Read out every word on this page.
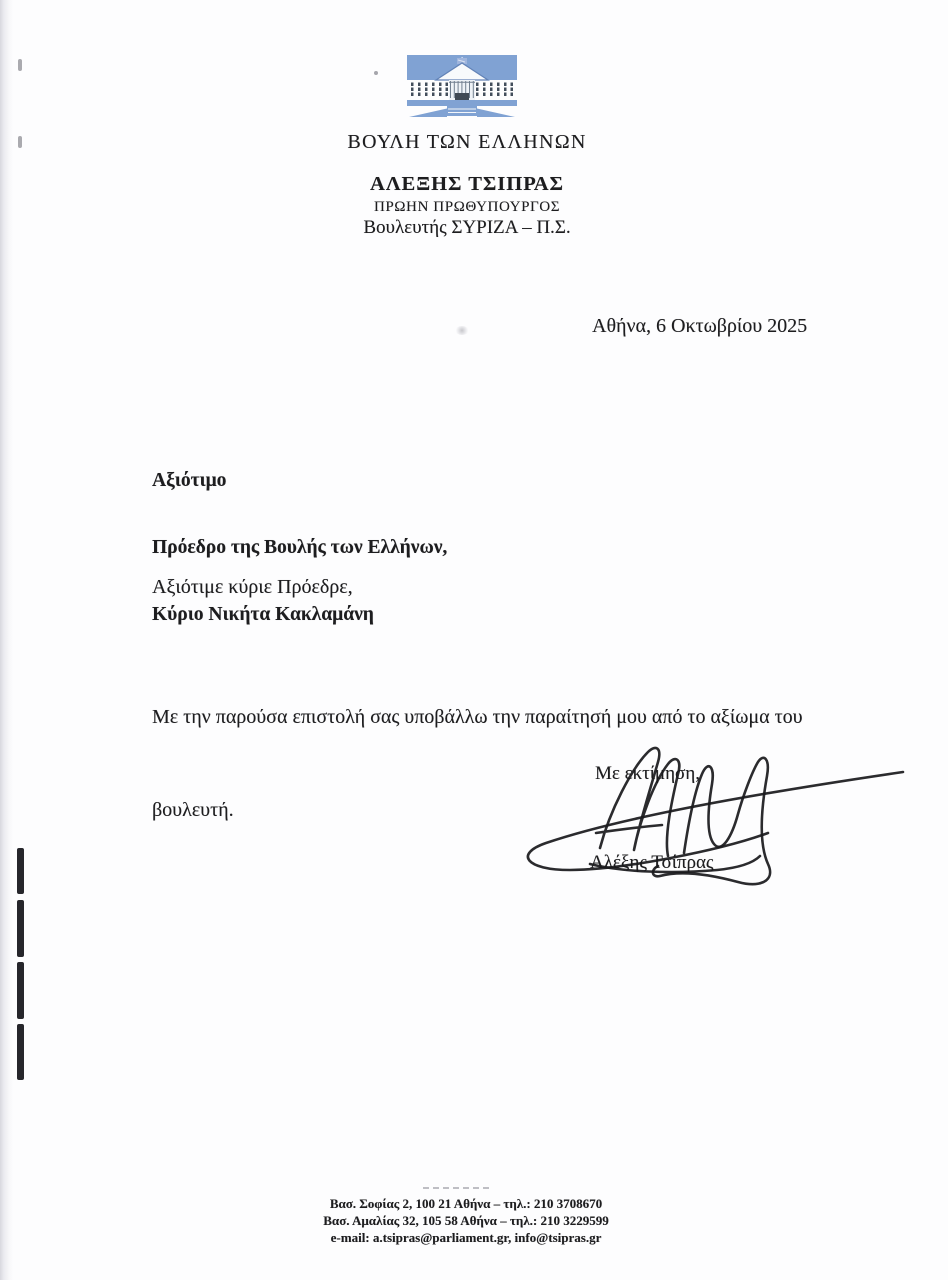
ΒΟΥΛΗ ΤΩΝ ΕΛΛΗΝΩΝ
ΑΛΕΞΗΣ ΤΣΙΠΡΑΣ
ΠΡΩΗΝ ΠΡΩΘΥΠΟΥΡΓΟΣ
Βουλευτής ΣΥΡΙΖΑ – Π.Σ.
Αθήνα, 6 Οκτωβρίου 2025

Αξιότιμο

Πρόεδρο της Βουλής των Ελλήνων,

Κύριο Νικήτα Κακλαμάνη

Αξιότιμε κύριε Πρόεδρε,

Με την παρούσα επιστολή σας υποβάλλω την παραίτησή μου από το αξίωμα του

βουλευτή.

Με εκτίμηση,
Αλέξης Τσίπρας
Βασ. Σοφίας 2, 100 21 Αθήνα – τηλ.: 210 3708670
Βασ. Αμαλίας 32, 105 58 Αθήνα – τηλ.: 210 3229599
e-mail: a.tsipras@parliament.gr, info@tsipras.gr
